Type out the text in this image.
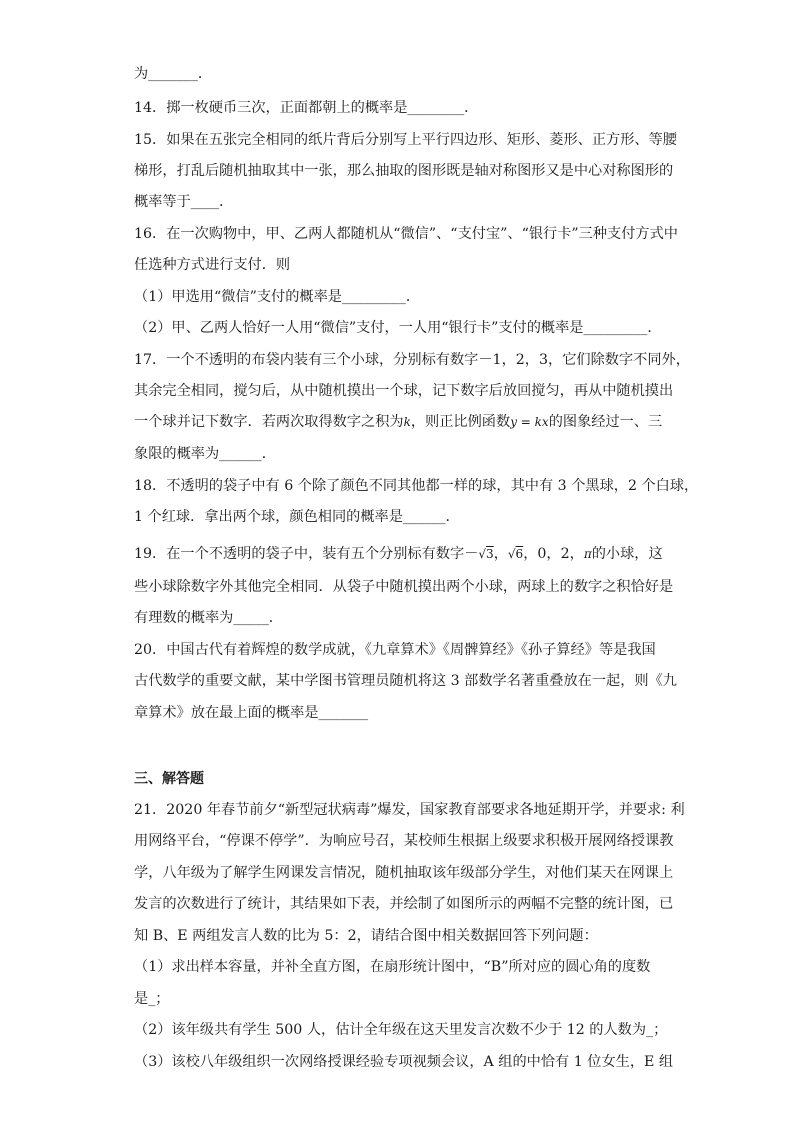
为_______．
14．掷一枚硬币三次，正面都朝上的概率是________．
15．如果在五张完全相同的纸片背后分别写上平行四边形、矩形、菱形、正方形、等腰
梯形，打乱后随机抽取其中一张，那么抽取的图形既是轴对称图形又是中心对称图形的
概率等于____．
16．在一次购物中，甲、乙两人都随机从“微信”、“支付宝”、“银行卡”三种支付方式中
任选种方式进行支付．则
（1）甲选用“微信”支付的概率是_________．
（2）甲、乙两人恰好一人用“微信”支付，一人用“银行卡”支付的概率是_________．
17．一个不透明的布袋内装有三个小球，分别标有数字－1，2，3，它们除数字不同外，
其余完全相同，搅匀后，从中随机摸出一个球，记下数字后放回搅匀，再从中随机摸出
一个球并记下数字．若两次取得数字之积为k，则正比例函数y = kx的图象经过一、三
象限的概率为______．
18．不透明的袋子中有 6 个除了颜色不同其他都一样的球，其中有 3 个黑球，2 个白球，
1 个红球．拿出两个球，颜色相同的概率是______．
19．在一个不透明的袋子中，装有五个分别标有数字－√3，√6，0，2，π的小球，这
些小球除数字外其他完全相同．从袋子中随机摸出两个小球，两球上的数字之积恰好是
有理数的概率为_____．
20．中国古代有着辉煌的数学成就，《九章算术》《周髀算经》《孙子算经》等是我国
古代数学的重要文献，某中学图书管理员随机将这 3 部数学名著重叠放在一起，则《九
章算术》放在最上面的概率是_______
三、解答题
21．2020 年春节前夕“新型冠状病毒”爆发，国家教育部要求各地延期开学，并要求: 利
用网络平台，“停课不停学”．为响应号召，某校师生根据上级要求积极开展网络授课教
学，八年级为了解学生网课发言情况，随机抽取该年级部分学生，对他们某天在网课上
发言的次数进行了统计，其结果如下表，并绘制了如图所示的两幅不完整的统计图，已
知 B、E 两组发言人数的比为 5：2，请结合图中相关数据回答下列问题：
（1）求出样本容量，并补全直方图，在扇形统计图中，“B”所对应的圆心角的度数
是_；
（2）该年级共有学生 500 人，估计全年级在这天里发言次数不少于 12 的人数为_；
（3）该校八年级组织一次网络授课经验专项视频会议，A 组的中恰有 1 位女生，E 组
